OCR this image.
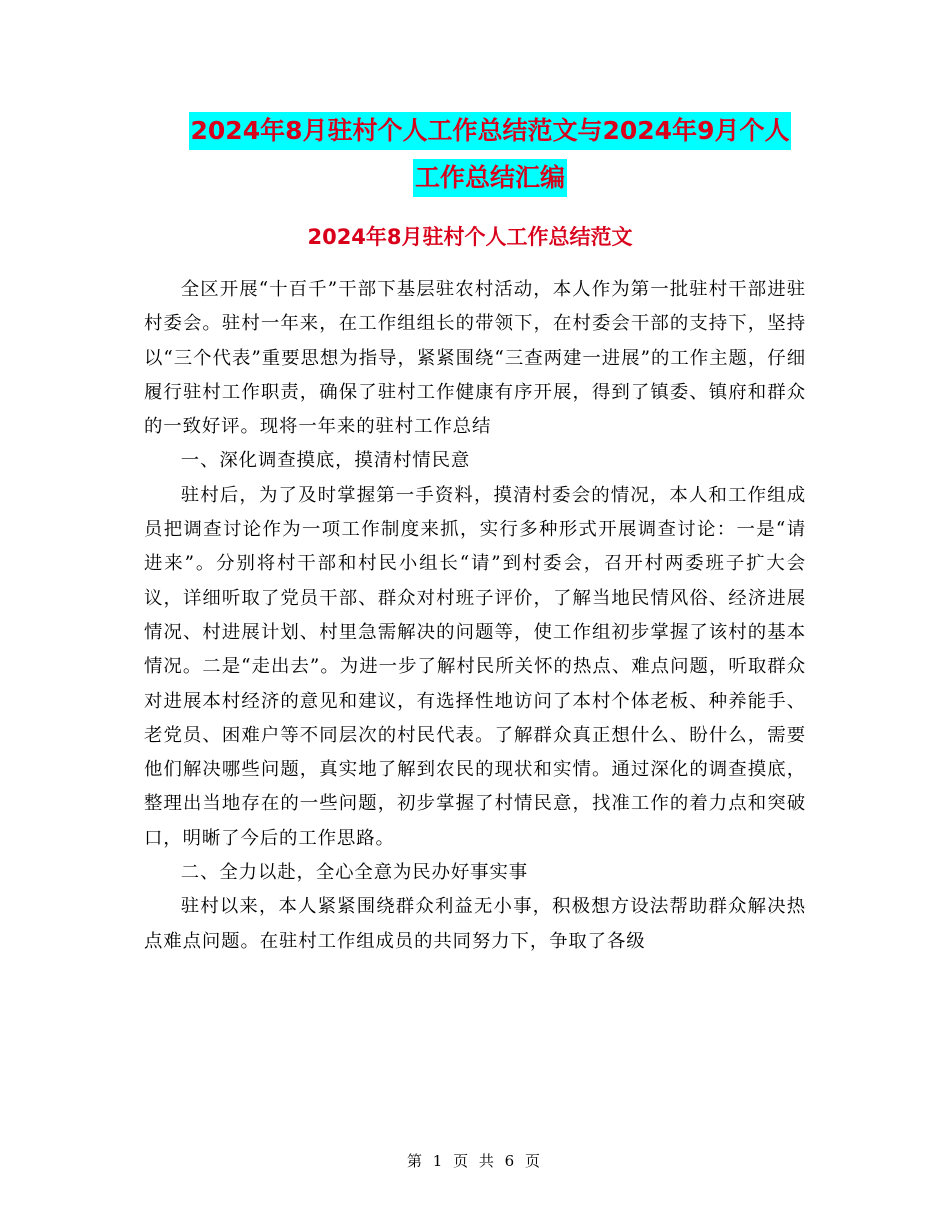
2024年8月驻村个人工作总结范文与2024年9月个人
工作总结汇编
2024年8月驻村个人工作总结范文

全区开展“十百千”干部下基层驻农村活动，本人作为第一批驻村干部进驻村委会。驻村一年来，在工作组组长的带领下，在村委会干部的支持下，坚持以“三个代表”重要思想为指导，紧紧围绕“三查两建一进展”的工作主题，仔细履行驻村工作职责，确保了驻村工作健康有序开展，得到了镇委、镇府和群众的一致好评。现将一年来的驻村工作总结

一、深化调查摸底，摸清村情民意

驻村后，为了及时掌握第一手资料，摸清村委会的情况，本人和工作组成员把调查讨论作为一项工作制度来抓，实行多种形式开展调查讨论：一是“请进来”。分别将村干部和村民小组长“请”到村委会，召开村两委班子扩大会议，详细听取了党员干部、群众对村班子评价，了解当地民情风俗、经济进展情况、村进展计划、村里急需解决的问题等，使工作组初步掌握了该村的基本情况。二是“走出去”。为进一步了解村民所关怀的热点、难点问题，听取群众对进展本村经济的意见和建议，有选择性地访问了本村个体老板、种养能手、老党员、困难户等不同层次的村民代表。了解群众真正想什么、盼什么，需要他们解决哪些问题，真实地了解到农民的现状和实情。通过深化的调查摸底，整理出当地存在的一些问题，初步掌握了村情民意，找准工作的着力点和突破口，明晰了今后的工作思路。

二、全力以赴，全心全意为民办好事实事

驻村以来，本人紧紧围绕群众利益无小事，积极想方设法帮助群众解决热点难点问题。在驻村工作组成员的共同努力下，争取了各级

第 1 页 共 6 页
